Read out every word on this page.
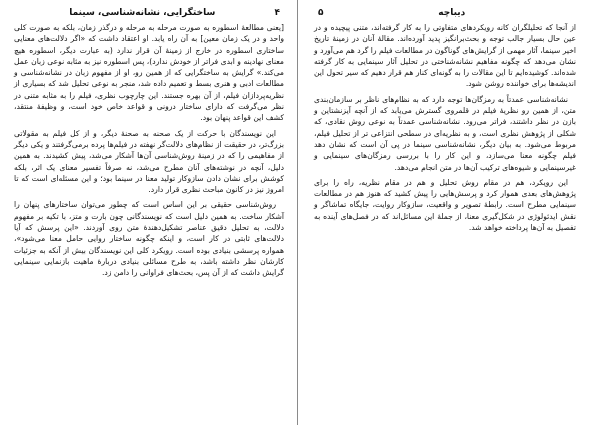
۴
ساختگرایی، نشانه‌شناسی، سینما

[یعنی مطالعهٔ اسطوره به صورت مرحله به مرحله و درگذر زمان، بلکه به صورت کلی واحد و در یک زمان معین] به آن راه یابد. او اعتقاد داشت که «اگر دلالت‌های معنایی ساختاری اسطوره در خارج از زمینهٔ آن قرار ندارد (به عبارت دیگر، اسطوره هیچ معنای نهادینه و ابدی فراتر از خودش ندارد)، پس اسطوره نیز به مثابه نوعی زبان عمل می‌کند.» گرایش به ساختگرایی که از همین رو، او از مفهوم زبان در نشانه‌شناسی و مطالعات ادبی و هنری بسط و تعمیم داده شد، منجر به نوعی تحلیل شد که بسیاری از نظریه‌پردازان فیلم، از آن بهره جستند. این چارچوب نظری، فیلم را به مثابه متنی در نظر می‌گرفت که دارای ساختار درونی و قواعد خاص خود است، و وظیفهٔ منتقد، کشف این قواعد پنهان بود.

این نویسندگان با حرکت از یک صحنه به صحنهٔ دیگر، و از کل فیلم به مقولاتی بزرگ‌تر، در حقیقت از نظام‌های دلالت‌گر نهفته در فیلم‌ها پرده برمی‌گرفتند و یکی دیگر از مفاهیمی را که در زمینهٔ روش‌شناسی آن‌ها آشکار می‌شد، پیش کشیدند. به همین دلیل، آنچه در نوشته‌های آنان مطرح می‌شد، نه صرفاً تفسیر معنای یک اثر، بلکه کوشش برای نشان دادن سازوکار تولید معنا در سینما بود؛ و این مسئله‌ای است که تا امروز نیز در کانون مباحث نظری قرار دارد.

روش‌شناسی حقیقی بر این اساس است که چطور می‌توان ساختارهای پنهان را آشکار ساخت. به همین دلیل است که نویسندگانی چون بارت و متز، با تکیه بر مفهوم دلالت، به تحلیل دقیق عناصر تشکیل‌دهندهٔ متن روی آوردند. «این پرسش که آیا دلالت‌های ثابتی در کار است، و اینکه چگونه ساختار روایی حامل معنا می‌شود»، همواره پرسشی بنیادی بوده است. رویکرد کلی این نویسندگان بیش از آنکه به جزئیات کارشان نظر داشته باشد، به طرح مسائلی بنیادی دربارهٔ ماهیت بازنمایی سینمایی گرایش داشت که از آن پس، بحث‌های فراوانی را دامن زد.

دیباچه
۵

از آنجا که تحلیلگران کانه رویکردهای متفاوتی را به کار گرفته‌اند، متنی پیچیده و در عین حال بسیار جالب توجه و بحث‌برانگیز پدید آورده‌اند. مقالهٔ آنان در زمینهٔ تاریخ اخیر سینما، آثار مهمی از گرایش‌های گوناگون در مطالعات فیلم را گرد هم می‌آورد و نشان می‌دهد که چگونه مفاهیم نشانه‌شناختی در تحلیل آثار سینمایی به کار گرفته شده‌اند. کوشیده‌ایم تا این مقالات را به گونه‌ای کنار هم قرار دهیم که سیر تحول این اندیشه‌ها برای خواننده روشن شود.

نشانه‌شناسی عمدتاً به رمزگان‌ها توجه دارد که به نظام‌های ناظر بر سازمان‌بندی متن، از همین رو نظریهٔ فیلم در قلمروی گسترش می‌یابد که از آنچه آیزنشتاین و بازن در نظر داشتند، فراتر می‌رود. نشانه‌شناسی عمدتاً به نوعی روش نقادی، که شکلی از پژوهش نظری است، و به نظریه‌ای در سطحی انتزاعی تر از تحلیل فیلم، مربوط می‌شود. به بیان دیگر، نشانه‌شناسی سینما در پی آن است که نشان دهد فیلم چگونه معنا می‌سازد، و این کار را با بررسی رمزگان‌های سینمایی و غیرسینمایی و شیوه‌های ترکیب آن‌ها در متن انجام می‌دهد.

این رویکرد، هم در مقام روش تحلیل و هم در مقام نظریه، راه را برای پژوهش‌های بعدی هموار کرد و پرسش‌هایی را پیش کشید که هنوز هم در مطالعات سینمایی مطرح است. رابطهٔ تصویر و واقعیت، سازوکار روایت، جایگاه تماشاگر و نقش ایدئولوژی در شکل‌گیری معنا، از جملهٔ این مسائل‌اند که در فصل‌های آینده به تفصیل به آن‌ها پرداخته خواهد شد.
